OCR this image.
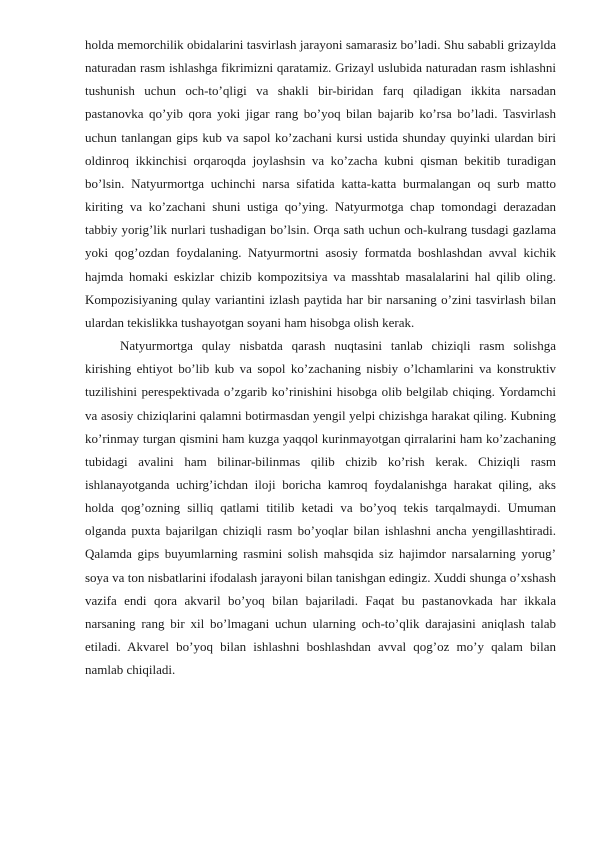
holda memorchilik obidalarini tasvirlash jarayoni samarasiz bo’ladi. Shu sababli grizaylda naturadan rasm ishlashga fikrimizni qaratamiz. Grizayl uslubida naturadan rasm ishlashni tushunish uchun och-to’qligi va shakli bir-biridan farq qiladigan ikkita narsadan pastanovka qo’yib qora yoki jigar rang bo’yoq bilan bajarib ko’rsa bo’ladi. Tasvirlash uchun tanlangan gips kub va sapol ko’zachani kursi ustida shunday quyinki ulardan biri oldinroq ikkinchisi orqaroqda joylashsin va ko’zacha kubni qisman bekitib turadigan bo’lsin. Natyurmortga uchinchi narsa sifatida katta-katta burmalangan oq surb matto kiriting va ko’zachani shuni ustiga qo’ying. Natyurmotga chap tomondagi derazadan tabbiy yorig’lik nurlari tushadigan bo’lsin. Orqa sath uchun och-kulrang tusdagi gazlama yoki qog’ozdan foydalaning. Natyurmortni asosiy formatda boshlashdan avval kichik hajmda homaki eskizlar chizib kompozitsiya va masshtab masalalarini hal qilib oling. Kompozisiyaning qulay variantini izlash paytida har bir narsaning o’zini tasvirlash bilan ulardan tekislikka tushayotgan soyani ham hisobga olish kerak.

Natyurmortga qulay nisbatda qarash nuqtasini tanlab chiziqli rasm solishga kirishing ehtiyot bo’lib kub va sopol ko’zachaning nisbiy o’lchamlarini va konstruktiv tuzilishini perespektivada o’zgarib ko’rinishini hisobga olib belgilab chiqing. Yordamchi va asosiy chiziqlarini qalamni botirmasdan yengil yelpi chizishga harakat qiling. Kubning ko’rinmay turgan qismini ham kuzga yaqqol kurinmayotgan qirralarini ham ko’zachaning tubidagi avalini ham bilinar-bilinmas qilib chizib ko’rish kerak. Chiziqli rasm ishlanayotganda uchirg’ichdan iloji boricha kamroq foydalanishga harakat qiling, aks holda qog’ozning silliq qatlami titilib ketadi va bo’yoq tekis tarqalmaydi. Umuman olganda puxta bajarilgan chiziqli rasm bo’yoqlar bilan ishlashni ancha yengillashtiradi. Qalamda gips buyumlarning rasmini solish mahsqida siz hajimdor narsalarning yorug’ soya va ton nisbatlarini ifodalash jarayoni bilan tanishgan edingiz. Xuddi shunga o’xshash vazifa endi qora akvaril bo’yoq bilan bajariladi. Faqat bu pastanovkada har ikkala narsaning rang bir xil bo’lmagani uchun ularning och-to’qlik darajasini aniqlash talab etiladi. Akvarel bo’yoq bilan ishlashni boshlashdan avval qog’oz mo’y qalam bilan namlab chiqiladi.
